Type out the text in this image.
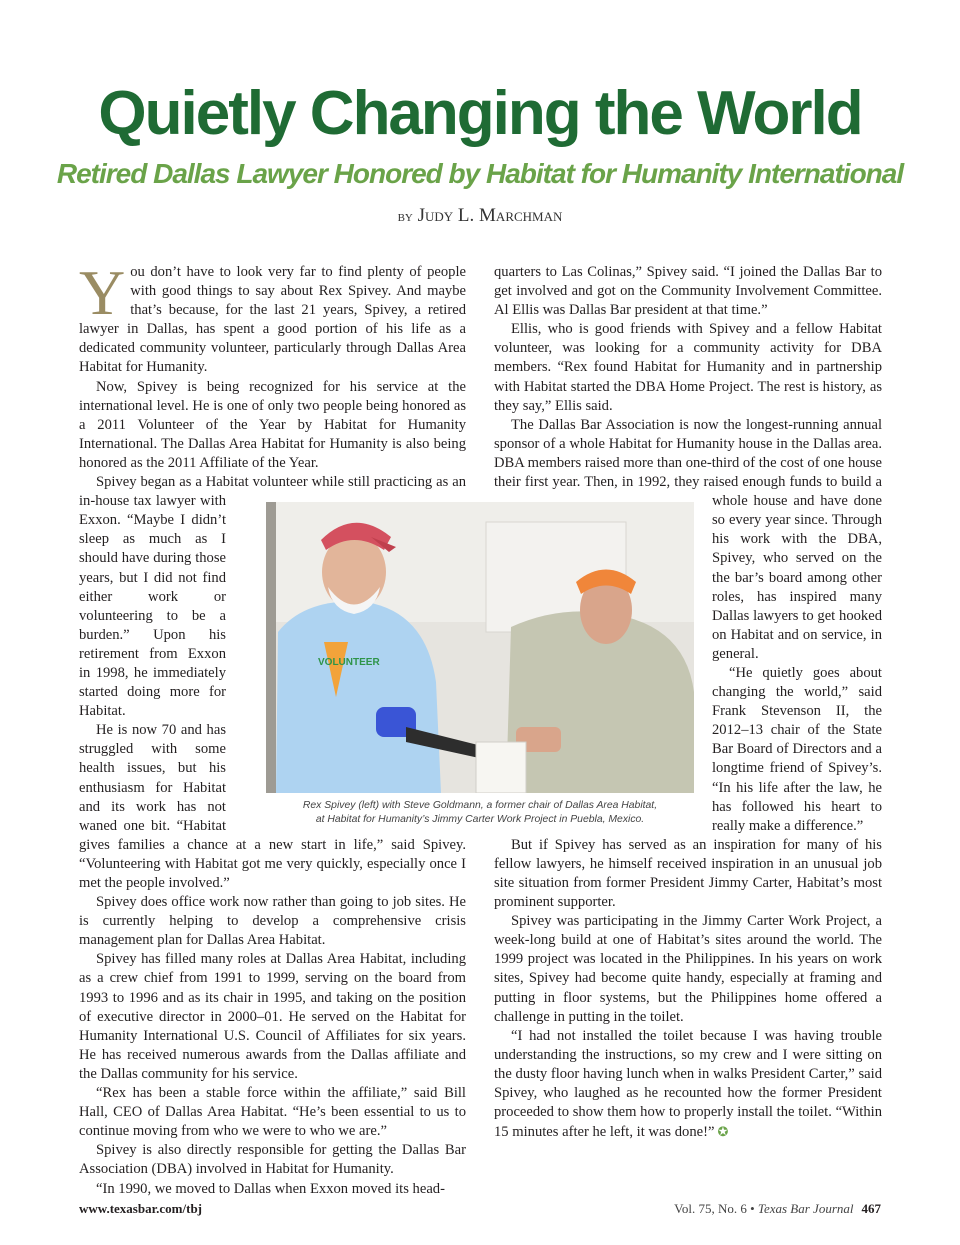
Quietly Changing the World
Retired Dallas Lawyer Honored by Habitat for Humanity International
by Judy L. Marchman

You don’t have to look very far to find plenty of people with good things to say about Rex Spivey. And maybe that’s because, for the last 21 years, Spivey, a retired lawyer in Dallas, has spent a good portion of his life as a dedicated community volunteer, particularly through Dallas Area Habitat for Humanity.

Now, Spivey is being recognized for his service at the international level. He is one of only two people being honored as a 2011 Volunteer of the Year by Habitat for Humanity International. The Dallas Area Habitat for Humanity is also being honored as the 2011 Affiliate of the Year.

Spivey began as a Habitat volunteer while still practicing as
an in-house tax lawyer with Exxon. “Maybe I didn’t sleep as much as I should have during those years, but I did not find either work or volunteering to be a burden.” Upon his retirement from Exxon in 1998, he immediately started doing more for Habitat.

He is now 70 and has struggled with some health issues, but his enthusiasm for Habitat and its work has not waned one bit. “Habitat gives families a chance at a new start in life,” said Spivey. “Volunteering with Habitat got me very quickly, especially once I met the people involved.”

Spivey does office work now rather than going to job sites. He is currently helping to develop a comprehensive crisis management plan for Dallas Area Habitat.

Spivey has filled many roles at Dallas Area Habitat, including as a crew chief from 1991 to 1999, serving on the board from 1993 to 1996 and as its chair in 1995, and taking on the position of executive director in 2000–01. He served on the Habitat for Humanity International U.S. Council of Affiliates for six years. He has received numerous awards from the Dallas affiliate and the Dallas community for his service.

“Rex has been a stable force within the affiliate,” said Bill Hall, CEO of Dallas Area Habitat. “He’s been essential to us to continue moving from who we were to who we are.”

Spivey is also directly responsible for getting the Dallas Bar Association (DBA) involved in Habitat for Humanity.

“In 1990, we moved to Dallas when Exxon moved its head-

quarters to Las Colinas,” Spivey said. “I joined the Dallas Bar to get involved and got on the Community Involvement Committee. Al Ellis was Dallas Bar president at that time.”

Ellis, who is good friends with Spivey and a fellow Habitat volunteer, was looking for a community activity for DBA members. “Rex found Habitat for Humanity and in partnership with Habitat started the DBA Home Project. The rest is history, as they say,” Ellis said.

The Dallas Bar Association is now the longest-running annual sponsor of a whole Habitat for Humanity house in the Dallas area. DBA members raised more than one-third of the cost of one house their first year. Then, in 1992, they raised enough
funds to build a whole house and have done so every year since. Through his work with the DBA, Spivey, who served on the the bar’s board among other roles, has inspired many Dallas lawyers to get hooked on Habitat and on service, in general.

“He quietly goes about changing the world,” said Frank Stevenson II, the 2012–13 chair of the State Bar Board of Directors and a longtime friend of Spivey’s. “In his life after the law, he has followed his heart to really make a difference.”

But if Spivey has served as an inspiration for many of his fellow lawyers, he himself received inspiration in an unusual job site situation from former President Jimmy Carter, Habitat’s most prominent supporter.

Spivey was participating in the Jimmy Carter Work Project, a week-long build at one of Habitat’s sites around the world. The 1999 project was located in the Philippines. In his years on work sites, Spivey had become quite handy, especially at framing and putting in floor systems, but the Philippines home offered a challenge in putting in the toilet.

“I had not installed the toilet because I was having trouble understanding the instructions, so my crew and I were sitting on the dusty floor having lunch when in walks President Carter,” said Spivey, who laughed as he recounted how the former President proceeded to show them how to properly install the toilet. “Within 15 minutes after he left, it was done!” ✪

VOLUNTEER
Rex Spivey (left) with Steve Goldmann, a former chair of Dallas Area Habitat,
at Habitat for Humanity’s Jimmy Carter Work Project in Puebla, Mexico.
www.texasbar.com/tbj	Vol. 75, No. 6 • Texas Bar Journal 467
